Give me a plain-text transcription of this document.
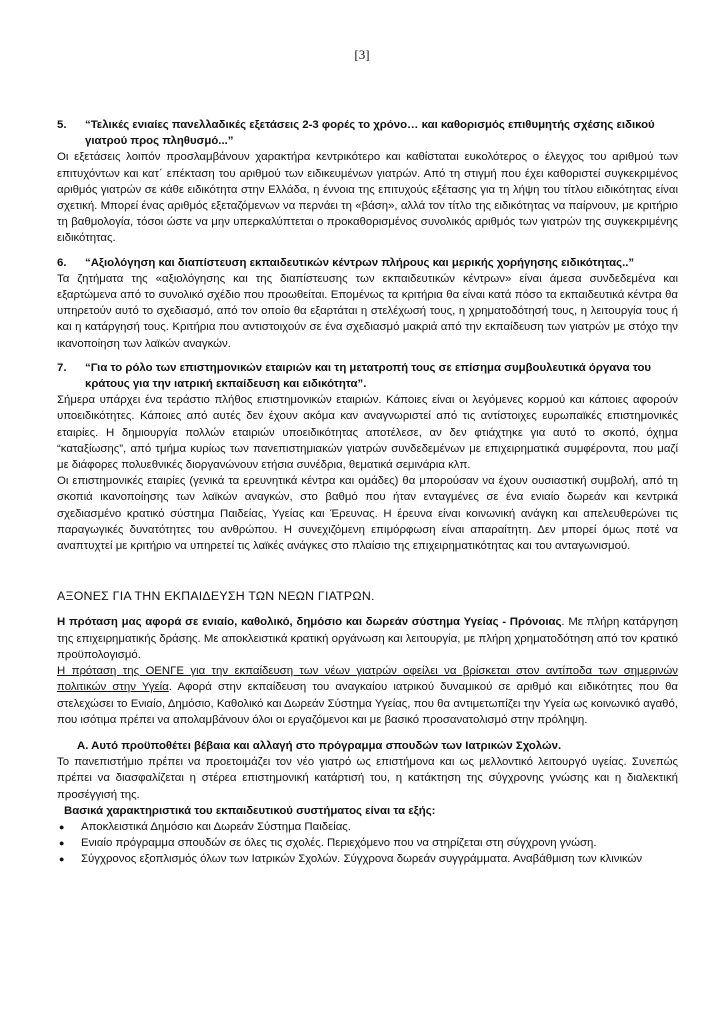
[3]
5.	“Τελικές ενιαίες πανελλαδικές εξετάσεις 2-3 φορές το χρόνο… και καθορισμός επιθυμητής σχέσης ειδικού γιατρού προς πληθυσμό...”

Οι εξετάσεις λοιπόν προσλαμβάνουν χαρακτήρα κεντρικότερο και καθίσταται ευκολότερος ο έλεγχος του αριθμού των επιτυχόντων και κατ΄ επέκταση του αριθμού των ειδικευμένων γιατρών. Από τη στιγμή που έχει καθοριστεί συγκεκριμένος αριθμός γιατρών σε κάθε ειδικότητα στην Ελλάδα, η έννοια της επιτυχούς εξέτασης για τη λήψη του τίτλου ειδικότητας είναι σχετική. Μπορεί ένας αριθμός εξεταζόμενων να περνάει τη «βάση», αλλά τον τίτλο της ειδικότητας να παίρνουν, με κριτήριο τη βαθμολογία, τόσοι ώστε να μην υπερκαλύπτεται ο προκαθορισμένος συνολικός αριθμός των γιατρών της συγκεκριμένης ειδικότητας.

6.	“Αξιολόγηση και διαπίστευση εκπαιδευτικών κέντρων πλήρους και μερικής χορήγησης ειδικότητας..”

Τα ζητήματα της «αξιολόγησης και της διαπίστευσης των εκπαιδευτικών κέντρων» είναι άμεσα συνδεδεμένα και εξαρτώμενα από το συνολικό σχέδιο που προωθείται. Επομένως τα κριτήρια θα είναι κατά πόσο τα εκπαιδευτικά κέντρα θα υπηρετούν αυτό το σχεδιασμό, από τον οποίο θα εξαρτάται η στελέχωσή τους, η χρηματοδότησή τους, η λειτουργία τους ή και η κατάργησή τους. Κριτήρια που αντιστοιχούν σε ένα σχεδιασμό μακριά από την εκπαίδευση των γιατρών με στόχο την ικανοποίηση των λαϊκών αναγκών.

7.	“Για το ρόλο των επιστημονικών εταιριών και τη μετατροπή τους σε επίσημα συμβουλευτικά όργανα του κράτους για την ιατρική εκπαίδευση και ειδικότητα”.

Σήμερα υπάρχει ένα τεράστιο πλήθος επιστημονικών εταιριών. Κάποιες είναι οι λεγόμενες κορμού και κάποιες αφορούν υποειδικότητες. Κάποιες από αυτές δεν έχουν ακόμα καν αναγνωριστεί από τις αντίστοιχες ευρωπαϊκές επιστημονικές εταιρίες. Η δημιουργία πολλών εταιριών υποειδικότητας αποτέλεσε, αν δεν φτιάχτηκε για αυτό το σκοπό, όχημα “καταξίωσης”, από τμήμα κυρίως των πανεπιστημιακών γιατρών συνδεδεμένων με επιχειρηματικά συμφέροντα, που μαζί με διάφορες πολυεθνικές διοργανώνουν ετήσια συνέδρια, θεματικά σεμινάρια κλπ.

Οι επιστημονικές εταιρίες (γενικά τα ερευνητικά κέντρα και ομάδες) θα μπορούσαν να έχουν ουσιαστική συμβολή, από τη σκοπιά ικανοποίησης των λαϊκών αναγκών, στο βαθμό που ήταν ενταγμένες σε ένα ενιαίο δωρεάν και κεντρικά σχεδιασμένο κρατικό σύστημα Παιδείας, Υγείας και Έρευνας. Η έρευνα είναι κοινωνική ανάγκη και απελευθερώνει τις παραγωγικές δυνατότητες του ανθρώπου. Η συνεχιζόμενη επιμόρφωση είναι απαραίτητη. Δεν μπορεί όμως ποτέ να αναπτυχτεί με κριτήριο να υπηρετεί τις λαϊκές ανάγκες στο πλαίσιο της επιχειρηματικότητας και του ανταγωνισμού.

ΑΞΟΝΕΣ ΓΙΑ ΤΗΝ ΕΚΠΑΙΔΕΥΣΗ ΤΩΝ ΝΕΩΝ ΓΙΑΤΡΩΝ.

Η πρόταση μας αφορά σε ενιαίο, καθολικό, δημόσιο και δωρεάν σύστημα Υγείας - Πρόνοιας. Με πλήρη κατάργηση της επιχειρηματικής δράσης. Με αποκλειστικά κρατική οργάνωση και λειτουργία, με πλήρη χρηματοδότηση από τον κρατικό προϋπολογισμό.

Η πρόταση της ΟΕΝΓΕ για την εκπαίδευση των νέων γιατρών οφείλει να βρίσκεται στον αντίποδα των σημερινών πολιτικών στην Υγεία. Αφορά στην εκπαίδευση του αναγκαίου ιατρικού δυναμικού σε αριθμό και ειδικότητες που θα στελεχώσει το Ενιαίο, Δημόσιο, Καθολικό και Δωρεάν Σύστημα Υγείας, που θα αντιμετωπίζει την Υγεία ως κοινωνικό αγαθό, που ισότιμα πρέπει να απολαμβάνουν όλοι οι εργαζόμενοι και με βασικό προσανατολισμό στην πρόληψη.

Α. Αυτό προϋποθέτει βέβαια και αλλαγή στο πρόγραμμα σπουδών των Ιατρικών Σχολών.

Το πανεπιστήμιο πρέπει να προετοιμάζει τον νέο γιατρό ως επιστήμονα και ως μελλοντικό λειτουργό υγείας. Συνεπώς πρέπει να διασφαλίζεται η στέρεα επιστημονική κατάρτισή του, η κατάκτηση της σύγχρονης γνώσης και η διαλεκτική προσέγγισή της.

Βασικά χαρακτηριστικά του εκπαιδευτικού συστήματος είναι τα εξής:

●	Αποκλειστικά Δημόσιο και Δωρεάν Σύστημα Παιδείας.
●	Ενιαίο πρόγραμμα σπουδών σε όλες τις σχολές. Περιεχόμενο που να στηρίζεται στη σύγχρονη γνώση.
●	Σύγχρονος εξοπλισμός όλων των Ιατρικών Σχολών. Σύγχρονα δωρεάν συγγράμματα. Αναβάθμιση των κλινικών
